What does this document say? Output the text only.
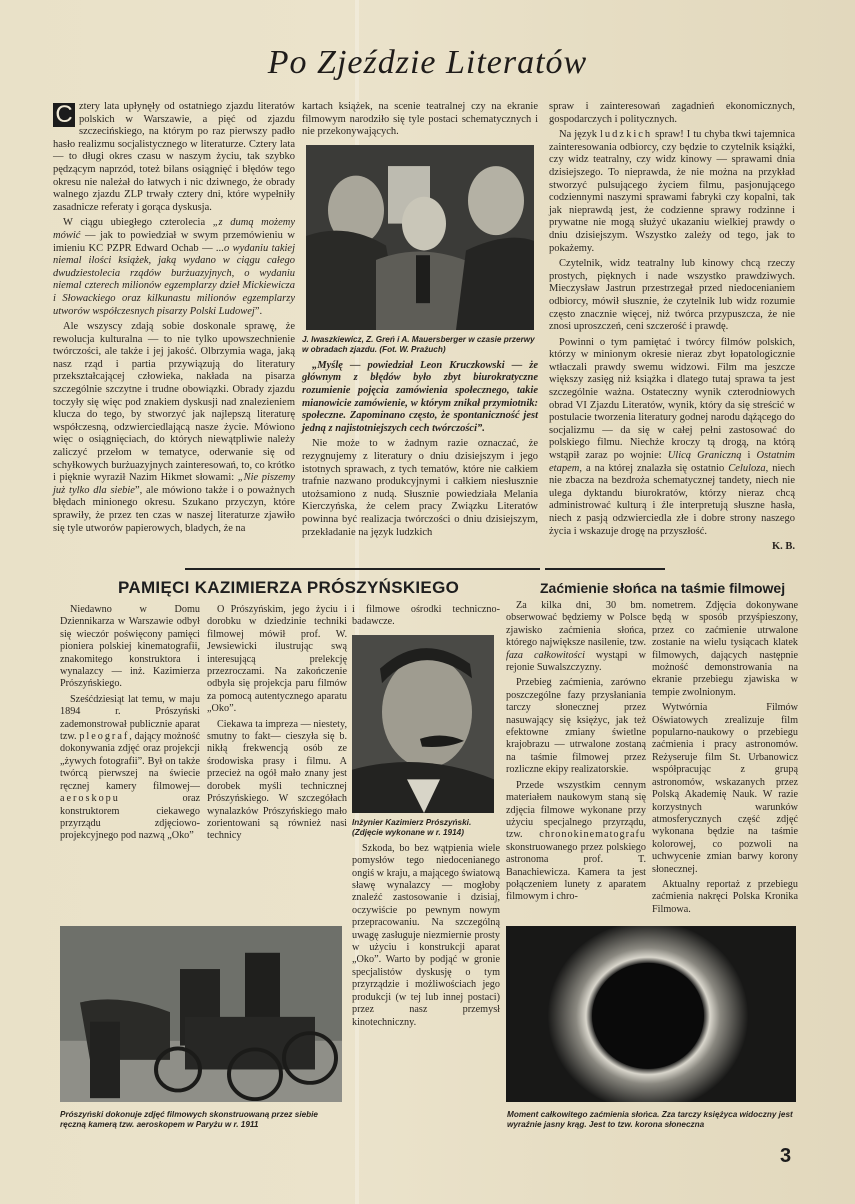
Po Zjeździe Literatów

C ztery lata upłynęły od ostatniego zjazdu literatów polskich w Warszawie, a pięć od zjazdu szczecińskiego, na którym po raz pierwszy padło hasło realizmu socjalistycznego w literaturze. Cztery lata — to długi okres czasu w naszym życiu, tak szybko pędzącym naprzód, toteż bilans osiągnięć i błędów tego okresu nie należał do łatwych i nic dziwnego, że obrady walnego zjazdu ZLP trwały cztery dni, które wypełniły zasadnicze referaty i gorąca dyskusja.

W ciągu ubiegłego czterolecia „z dumą możemy mówić — jak to powiedział w swym przemówieniu w imieniu KC PZPR Edward Ochab — ...o wydaniu takiej niemal ilości książek, jaką wydano w ciągu całego dwudziestolecia rządów burżuazyjnych, o wydaniu niemal czterech milionów egzemplarzy dzieł Mickiewicza i Słowackiego oraz kilkunastu milionów egzemplarzy utworów współczesnych pisarzy Polski Ludowej”.

Ale wszyscy zdają sobie doskonale sprawę, że rewolucja kulturalna — to nie tylko upowszechnienie twórczości, ale także i jej jakość. Olbrzymia waga, jaką nasz rząd i partia przywiązują do literatury przekształcającej człowieka, nakłada na pisarza szczególnie szczytne i trudne obowiązki. Obrady zjazdu toczyły się więc pod znakiem dyskusji nad znalezieniem klucza do tego, by stworzyć jak najlepszą literaturę współczesną, odzwierciedlającą nasze życie. Mówiono więc o osiągnięciach, do których niewątpliwie należy zaliczyć przełom w tematyce, oderwanie się od schyłkowych burżuazyjnych zainteresowań, to, co krótko i pięknie wyraził Nazim Hikmet słowami: „Nie piszemy już tylko dla siebie”, ale mówiono także i o poważnych błędach minionego okresu. Szukano przyczyn, które sprawiły, że przez ten czas w naszej literaturze zjawiło się tyle utworów papierowych, bladych, że na

kartach książek, na scenie teatralnej czy na ekranie filmowym narodziło się tyle postaci schematycznych i nie przekonywających.

J. Iwaszkiewicz, Z. Greń i A. Mauersberger w czasie przerwy w obradach zjazdu. (Fot. W. Prażuch)

„Myślę — powiedział Leon Kruczkowski — że głównym z błędów było zbyt biurokratyczne rozumienie pojęcia zamówienia społecznego, takie mianowicie zamówienie, w którym znikał przymiotnik: społeczne. Zapominano często, że spontaniczność jest jedną z najistotniejszych cech twórczości”.

Nie może to w żadnym razie oznaczać, że rezygnujemy z literatury o dniu dzisiejszym i jego istotnych sprawach, z tych tematów, które nie całkiem trafnie nazwano produkcyjnymi i całkiem niesłusznie utożsamiono z nudą. Słusznie powiedziała Melania Kierczyńska, że celem pracy Związku Literatów powinna być realizacja twórczości o dniu dzisiejszym, przekładanie na język ludzkich

spraw i zainteresowań zagadnień ekonomicznych, gospodarczych i politycznych.

Na język ludzkich spraw! I tu chyba tkwi tajemnica zainteresowania odbiorcy, czy będzie to czytelnik książki, czy widz teatralny, czy widz kinowy — sprawami dnia dzisiejszego. To nieprawda, że nie można na przykład stworzyć pulsującego życiem filmu, pasjonującego codziennymi naszymi sprawami fabryki czy kopalni, tak jak nieprawdą jest, że codzienne sprawy rodzinne i prywatne nie mogą służyć ukazaniu wielkiej prawdy o dniu dzisiejszym. Wszystko zależy od tego, jak to pokażemy.

Czytelnik, widz teatralny lub kinowy chcą rzeczy prostych, pięknych i nade wszystko prawdziwych. Mieczysław Jastrun przestrzegał przed niedocenianiem odbiorcy, mówił słusznie, że czytelnik lub widz rozumie często znacznie więcej, niż twórca przypuszcza, że nie znosi uproszczeń, ceni szczerość i prawdę.

Powinni o tym pamiętać i twórcy filmów polskich, którzy w minionym okresie nieraz zbyt łopatologicznie wtłaczali prawdy swemu widzowi. Film ma jeszcze większy zasięg niż książka i dlatego tutaj sprawa ta jest szczególnie ważna. Ostateczny wynik czterodniowych obrad VI Zjazdu Literatów, wynik, który da się streścić w postulacie tworzenia literatury godnej narodu dążącego do socjalizmu — da się w całej pełni zastosować do polskiego filmu. Niechże kroczy tą drogą, na którą wstąpił zaraz po wojnie: Ulicą Graniczną i Ostatnim etapem, a na której znalazła się ostatnio Celuloza, niech nie zbacza na bezdroża schematycznej tandety, niech nie ulega dyktandu biurokratów, którzy nieraz chcą administrować kulturą i źle interpretują słuszne hasła, niech z pasją odzwierciedla złe i dobre strony naszego życia i wskazuje drogę na przyszłość.

K. B.
PAMIĘCI KAZIMIERZA PRÓSZYŃSKIEGO

Niedawno w Domu Dziennikarza w Warszawie odbył się wieczór poświęcony pamięci pioniera polskiej kinematografii, znakomitego konstruktora i wynalazcy — inż. Kazimierza Prószyńskiego.

Sześćdziesiąt lat temu, w maju 1894 r. Prószyński zademonstrował publicznie aparat tzw. pleograf, dający możność dokonywania zdjęć oraz projekcji „żywych fotografii”. Był on także twórcą pierwszej na świecie ręcznej kamery filmowej—aeroskopu oraz konstruktorem ciekawego przyrządu zdjęciowo-projekcyjnego pod nazwą „Oko”

O Prószyńskim, jego życiu i dorobku w dziedzinie techniki filmowej mówił prof. W. Jewsiewicki ilustrując swą interesującą prelekcję przezroczami. Na zakończenie odbyła się projekcja paru filmów za pomocą autentycznego aparatu „Oko”.

Ciekawa ta impreza — niestety, smutny to fakt— cieszyła się b. nikłą frekwencją osób ze środowiska prasy i filmu. A przecież na ogół mało znany jest dorobek myśli technicznej Prószyńskiego. W szczegółach wynalazków Prószyńskiego mało zorientowani są również nasi technicy

i filmowe ośrodki techniczno-badawcze.

Inżynier Kazimierz Prószyński. (Zdjęcie wykonane w r. 1914)

Szkoda, bo bez wątpienia wiele pomysłów tego niedocenianego ongiś w kraju, a mającego światową sławę wynalazcy — mogłoby znaleźć zastosowanie i dzisiaj, oczywiście po pewnym nowym przepracowaniu. Na szczególną uwagę zasługuje niezmiernie prosty w użyciu i konstrukcji aparat „Oko”. Warto by podjąć w gronie specjalistów dyskusję o tym przyrządzie i możliwościach jego produkcji (w tej lub innej postaci) przez nasz przemysł kinotechniczny.

Prószyński dokonuje zdjęć filmowych skonstruowaną przez siebie ręczną kamerą tzw. aeroskopem w Paryżu w r. 1911
Zaćmienie słońca na taśmie filmowej

Za kilka dni, 30 bm. obserwować będziemy w Polsce zjawisko zaćmienia słońca, którego największe nasilenie, tzw. faza całkowitości wystąpi w rejonie Suwalszczyzny.

Przebieg zaćmienia, zarówno poszczególne fazy przysłaniania tarczy słonecznej przez nasuwający się księżyc, jak też efektowne zmiany świetlne krajobrazu — utrwalone zostaną na taśmie filmowej przez rozliczne ekipy realizatorskie.

Przede wszystkim cennym materiałem naukowym staną się zdjęcia filmowe wykonane przy użyciu specjalnego przyrządu, tzw. chronokinematografu skonstruowanego przez polskiego astronoma prof. T. Banachiewicza. Kamera ta jest połączeniem lunety z aparatem filmowym i chro-

nometrem. Zdjęcia dokonywane będą w sposób przyśpieszony, przez co zaćmienie utrwalone zostanie na wielu tysiącach klatek filmowych, dających następnie możność demonstrowania na ekranie przebiegu zjawiska w tempie zwolnionym.

Wytwórnia Filmów Oświatowych zrealizuje film popularno-naukowy o przebiegu zaćmienia i pracy astronomów. Reżyseruje film St. Urbanowicz współpracując z grupą astronomów, wskazanych przez Polską Akademię Nauk. W razie korzystnych warunków atmosferycznych część zdjęć wykonana będzie na taśmie kolorowej, co pozwoli na uchwycenie zmian barwy korony słonecznej.

Aktualny reportaż z przebiegu zaćmienia nakręci Polska Kronika Filmowa.

Moment całkowitego zaćmienia słońca. Zza tarczy księżyca widoczny jest wyraźnie jasny krąg. Jest to tzw. korona słoneczna
3
